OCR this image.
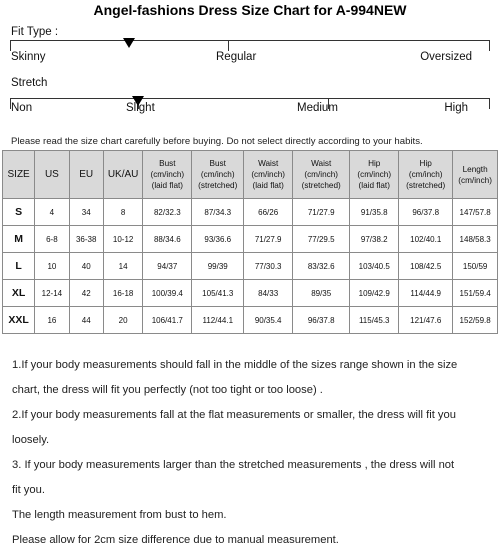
Angel-fashions Dress Size Chart for A-994NEW
Fit Type :
Skinny	Regular	Oversized
Stretch
Non	Slight	Medium	High
Please read the size chart carefully before buying. Do not select directly according to your habits.
SIZE	US	EU	UK/AU	Bust
(cm/inch)
(laid flat)	Bust
(cm/inch)
(stretched)	Waist
(cm/inch)
(laid flat)	Waist
(cm/inch)
(stretched)	Hip
(cm/inch)
(laid flat)	Hip
(cm/inch)
(stretched)	Length
(cm/inch)
S	4	34	8	82/32.3	87/34.3	66/26	71/27.9	91/35.8	96/37.8	147/57.8
M	6-8	36-38	10-12	88/34.6	93/36.6	71/27.9	77/29.5	97/38.2	102/40.1	148/58.3
L	10	40	14	94/37	99/39	77/30.3	83/32.6	103/40.5	108/42.5	150/59
XL	12-14	42	16-18	100/39.4	105/41.3	84/33	89/35	109/42.9	114/44.9	151/59.4
XXL	16	44	20	106/41.7	112/44.1	90/35.4	96/37.8	115/45.3	121/47.6	152/59.8

1.If your body measurements should fall in the middle of the sizes range shown in the size

chart, the dress will fit you perfectly (not too tight or too loose) .

2.If your body measurements fall at the flat measurements or smaller, the dress will fit you

loosely.

3. If your body measurements larger than the stretched measurements , the dress will not

fit you.

The length measurement from bust to hem.

Please allow for 2cm size difference due to manual measurement.
